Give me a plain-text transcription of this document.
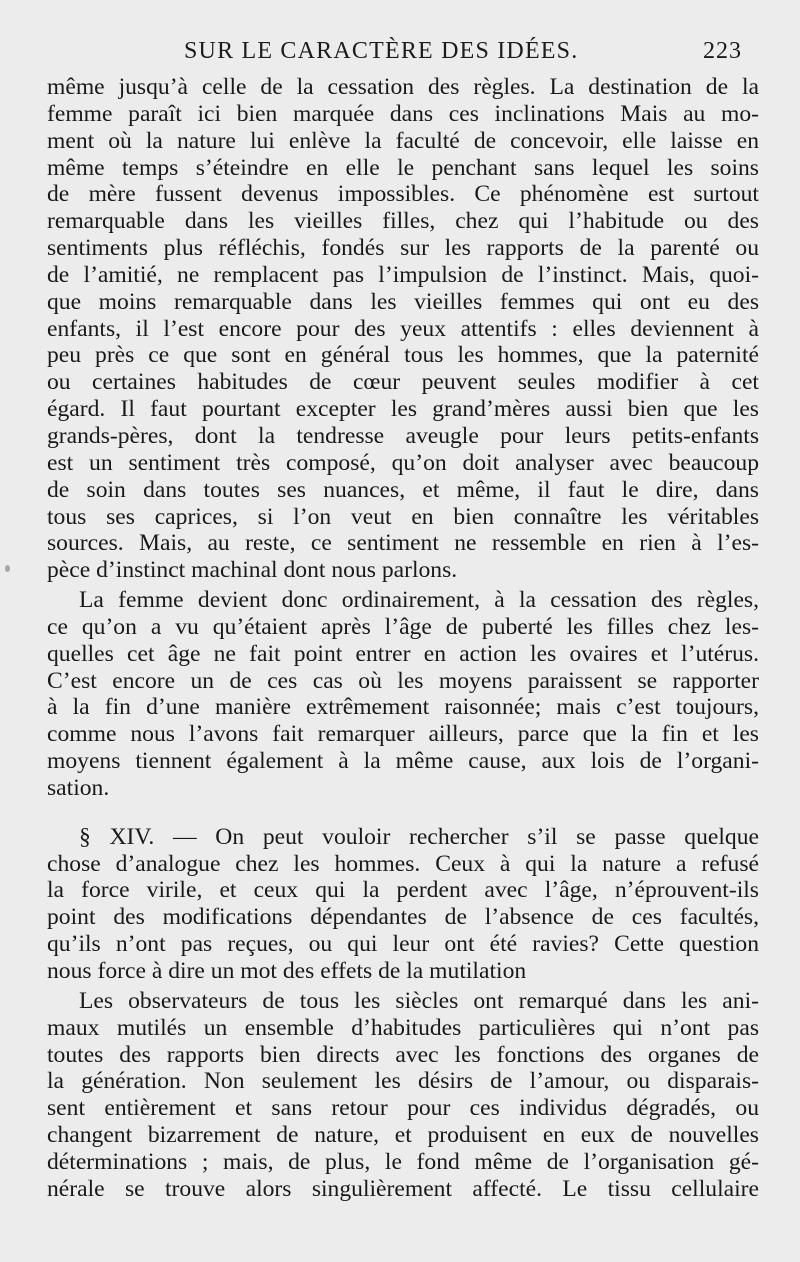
SUR LE CARACTÈRE DES IDÉES.	223
même jusqu’à celle de la cessation des règles. La destination de la
femme paraît ici bien marquée dans ces inclinations Mais au mo-
ment où la nature lui enlève la faculté de concevoir, elle laisse en
même temps s’éteindre en elle le penchant sans lequel les soins
de mère fussent devenus impossibles. Ce phénomène est surtout
remarquable dans les vieilles filles, chez qui l’habitude ou des
sentiments plus réfléchis, fondés sur les rapports de la parenté ou
de l’amitié, ne remplacent pas l’impulsion de l’instinct. Mais, quoi-
que moins remarquable dans les vieilles femmes qui ont eu des
enfants, il l’est encore pour des yeux attentifs : elles deviennent à
peu près ce que sont en général tous les hommes, que la paternité
ou certaines habitudes de cœur peuvent seules modifier à cet
égard. Il faut pourtant excepter les grand’mères aussi bien que les
grands-pères, dont la tendresse aveugle pour leurs petits-enfants
est un sentiment très composé, qu’on doit analyser avec beaucoup
de soin dans toutes ses nuances, et même, il faut le dire, dans
tous ses caprices, si l’on veut en bien connaître les véritables
sources. Mais, au reste, ce sentiment ne ressemble en rien à l’es-
pèce d’instinct machinal dont nous parlons.
La femme devient donc ordinairement, à la cessation des règles,
ce qu’on a vu qu’étaient après l’âge de puberté les filles chez les-
quelles cet âge ne fait point entrer en action les ovaires et l’utérus.
C’est encore un de ces cas où les moyens paraissent se rapporter
à la fin d’une manière extrêmement raisonnée; mais c’est toujours,
comme nous l’avons fait remarquer ailleurs, parce que la fin et les
moyens tiennent également à la même cause, aux lois de l’organi-
sation.
§ XIV. — On peut vouloir rechercher s’il se passe quelque
chose d’analogue chez les hommes. Ceux à qui la nature a refusé
la force virile, et ceux qui la perdent avec l’âge, n’éprouvent-ils
point des modifications dépendantes de l’absence de ces facultés,
qu’ils n’ont pas reçues, ou qui leur ont été ravies? Cette question
nous force à dire un mot des effets de la mutilation
Les observateurs de tous les siècles ont remarqué dans les ani-
maux mutilés un ensemble d’habitudes particulières qui n’ont pas
toutes des rapports bien directs avec les fonctions des organes de
la génération. Non seulement les désirs de l’amour, ou disparais-
sent entièrement et sans retour pour ces individus dégradés, ou
changent bizarrement de nature, et produisent en eux de nouvelles
déterminations ; mais, de plus, le fond même de l’organisation gé-
nérale se trouve alors singulièrement affecté. Le tissu cellulaire
